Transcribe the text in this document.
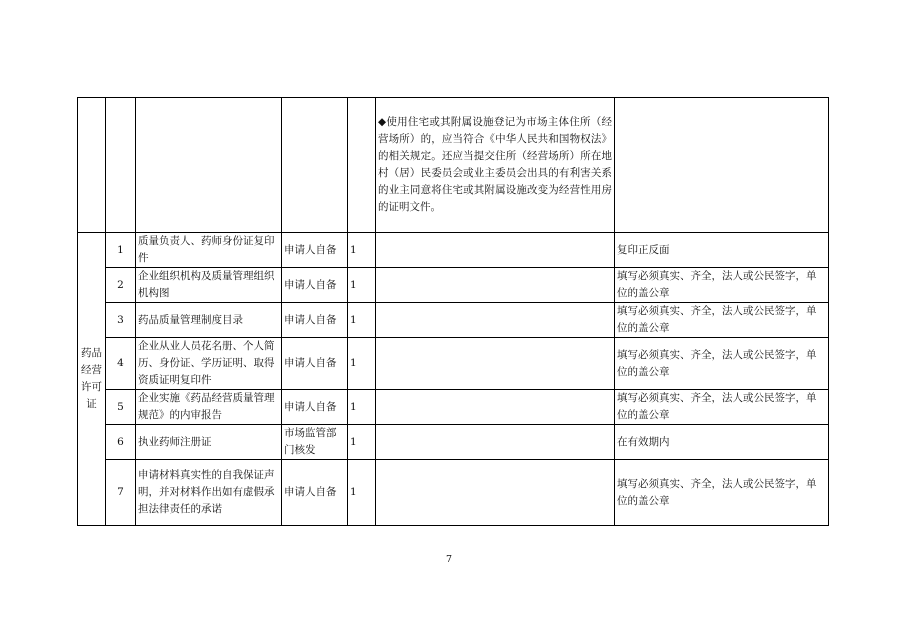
					◆使用住宅或其附属设施登记为市场主体住所（经营场所）的，应当符合《中华人民共和国物权法》的相关规定。还应当提交住所（经营场所）所在地村（居）民委员会或业主委员会出具的有利害关系的业主同意将住宅或其附属设施改变为经营性用房的证明文件。	
药品经营许可证	1	质量负责人、药师身份证复印件	申请人自备	1		复印正反面
	2	企业组织机构及质量管理组织机构图	申请人自备	1		填写必须真实、齐全，法人或公民签字，单位的盖公章
	3	药品质量管理制度目录	申请人自备	1		填写必须真实、齐全，法人或公民签字，单位的盖公章
	4	企业从业人员花名册、个人简历、身份证、学历证明、取得资质证明复印件	申请人自备	1		填写必须真实、齐全，法人或公民签字，单位的盖公章
	5	企业实施《药品经营质量管理规范》的内审报告	申请人自备	1		填写必须真实、齐全，法人或公民签字，单位的盖公章
	6	执业药师注册证	市场监管部门核发	1		在有效期内
	7	申请材料真实性的自我保证声明，并对材料作出如有虚假承担法律责任的承诺	申请人自备	1		填写必须真实、齐全，法人或公民签字，单位的盖公章
7
